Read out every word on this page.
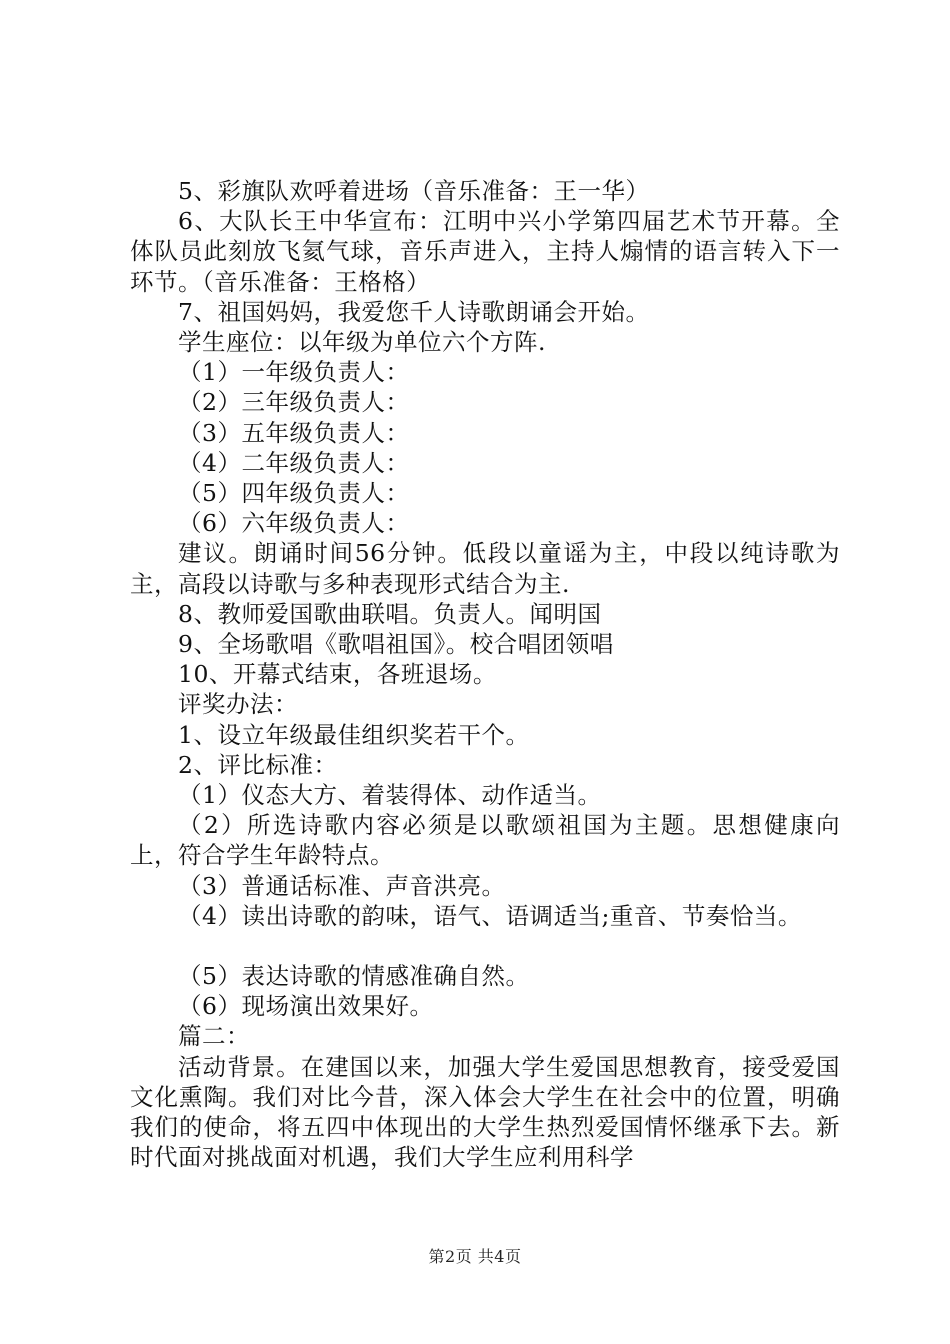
5、彩旗队欢呼着进场（音乐准备：王一华）

6、大队长王中华宣布：江明中兴小学第四届艺术节开幕。全体队员此刻放飞氦气球，音乐声进入，主持人煽情的语言转入下一环节。（音乐准备：王格格）

7、祖国妈妈，我爱您千人诗歌朗诵会开始。

学生座位：以年级为单位六个方阵.

（1）一年级负责人：

（2）三年级负责人：

（3）五年级负责人：

（4）二年级负责人：

（5）四年级负责人：

（6）六年级负责人：

建议。朗诵时间56分钟。低段以童谣为主，中段以纯诗歌为主，高段以诗歌与多种表现形式结合为主.

8、教师爱国歌曲联唱。负责人。闻明国

9、全场歌唱《歌唱祖国》。校合唱团领唱

10、开幕式结束，各班退场。

评奖办法：

1、设立年级最佳组织奖若干个。

2、评比标准：

（1）仪态大方、着装得体、动作适当。

（2）所选诗歌内容必须是以歌颂祖国为主题。思想健康向上，符合学生年龄特点。

（3）普通话标准、声音洪亮。

（4）读出诗歌的韵味，语气、语调适当;重音、节奏恰当。

（5）表达诗歌的情感准确自然。

（6）现场演出效果好。

篇二：

活动背景。在建国以来，加强大学生爱国思想教育，接受爱国文化熏陶。我们对比今昔，深入体会大学生在社会中的位置，明确我们的使命，将五四中体现出的大学生热烈爱国情怀继承下去。新时代面对挑战面对机遇，我们大学生应利用科学

第2页 共4页
